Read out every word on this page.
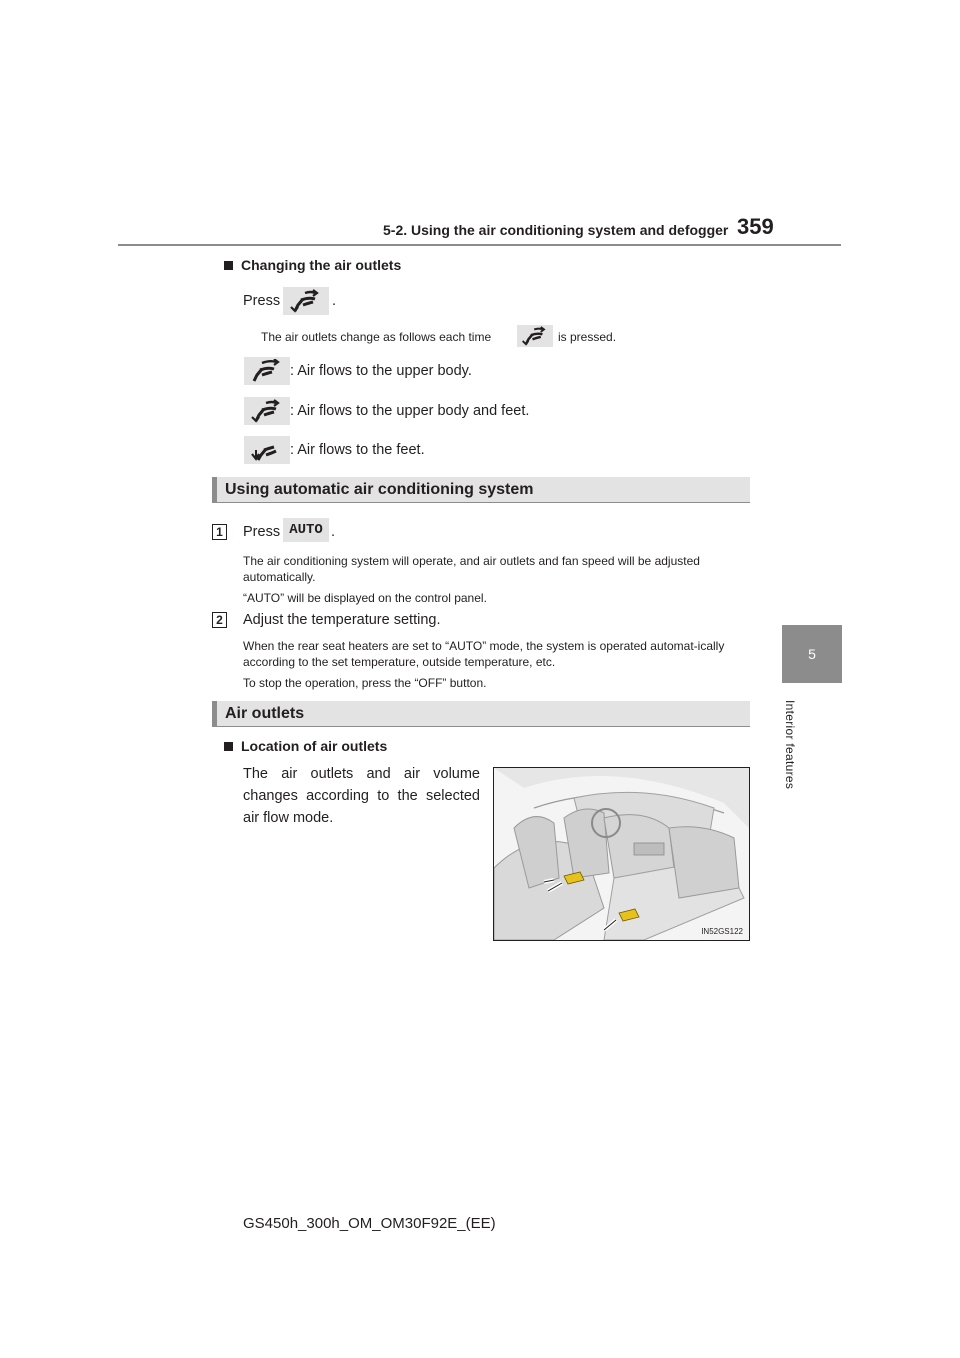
5-2. Using the air conditioning system and defogger 359
5
Interior features
Changing the air outlets
Press	.
The air outlets change as follows each time	is pressed.
: Air flows to the upper body.
: Air flows to the upper body and feet.
: Air flows to the feet.
Using automatic air conditioning system
1 Press AUTO .
The air conditioning system will operate, and air outlets and fan speed will be adjusted automatically.
“AUTO” will be displayed on the control panel.
2 Adjust the temperature setting.
When the rear seat heaters are set to “AUTO” mode, the system is operated automat-ically according to the set temperature, outside temperature, etc.
To stop the operation, press the “OFF” button.
Air outlets
Location of air outlets
The air outlets and air volume changes according to the selected air flow mode.
IN52GS122
GS450h_300h_OM_OM30F92E_(EE)
